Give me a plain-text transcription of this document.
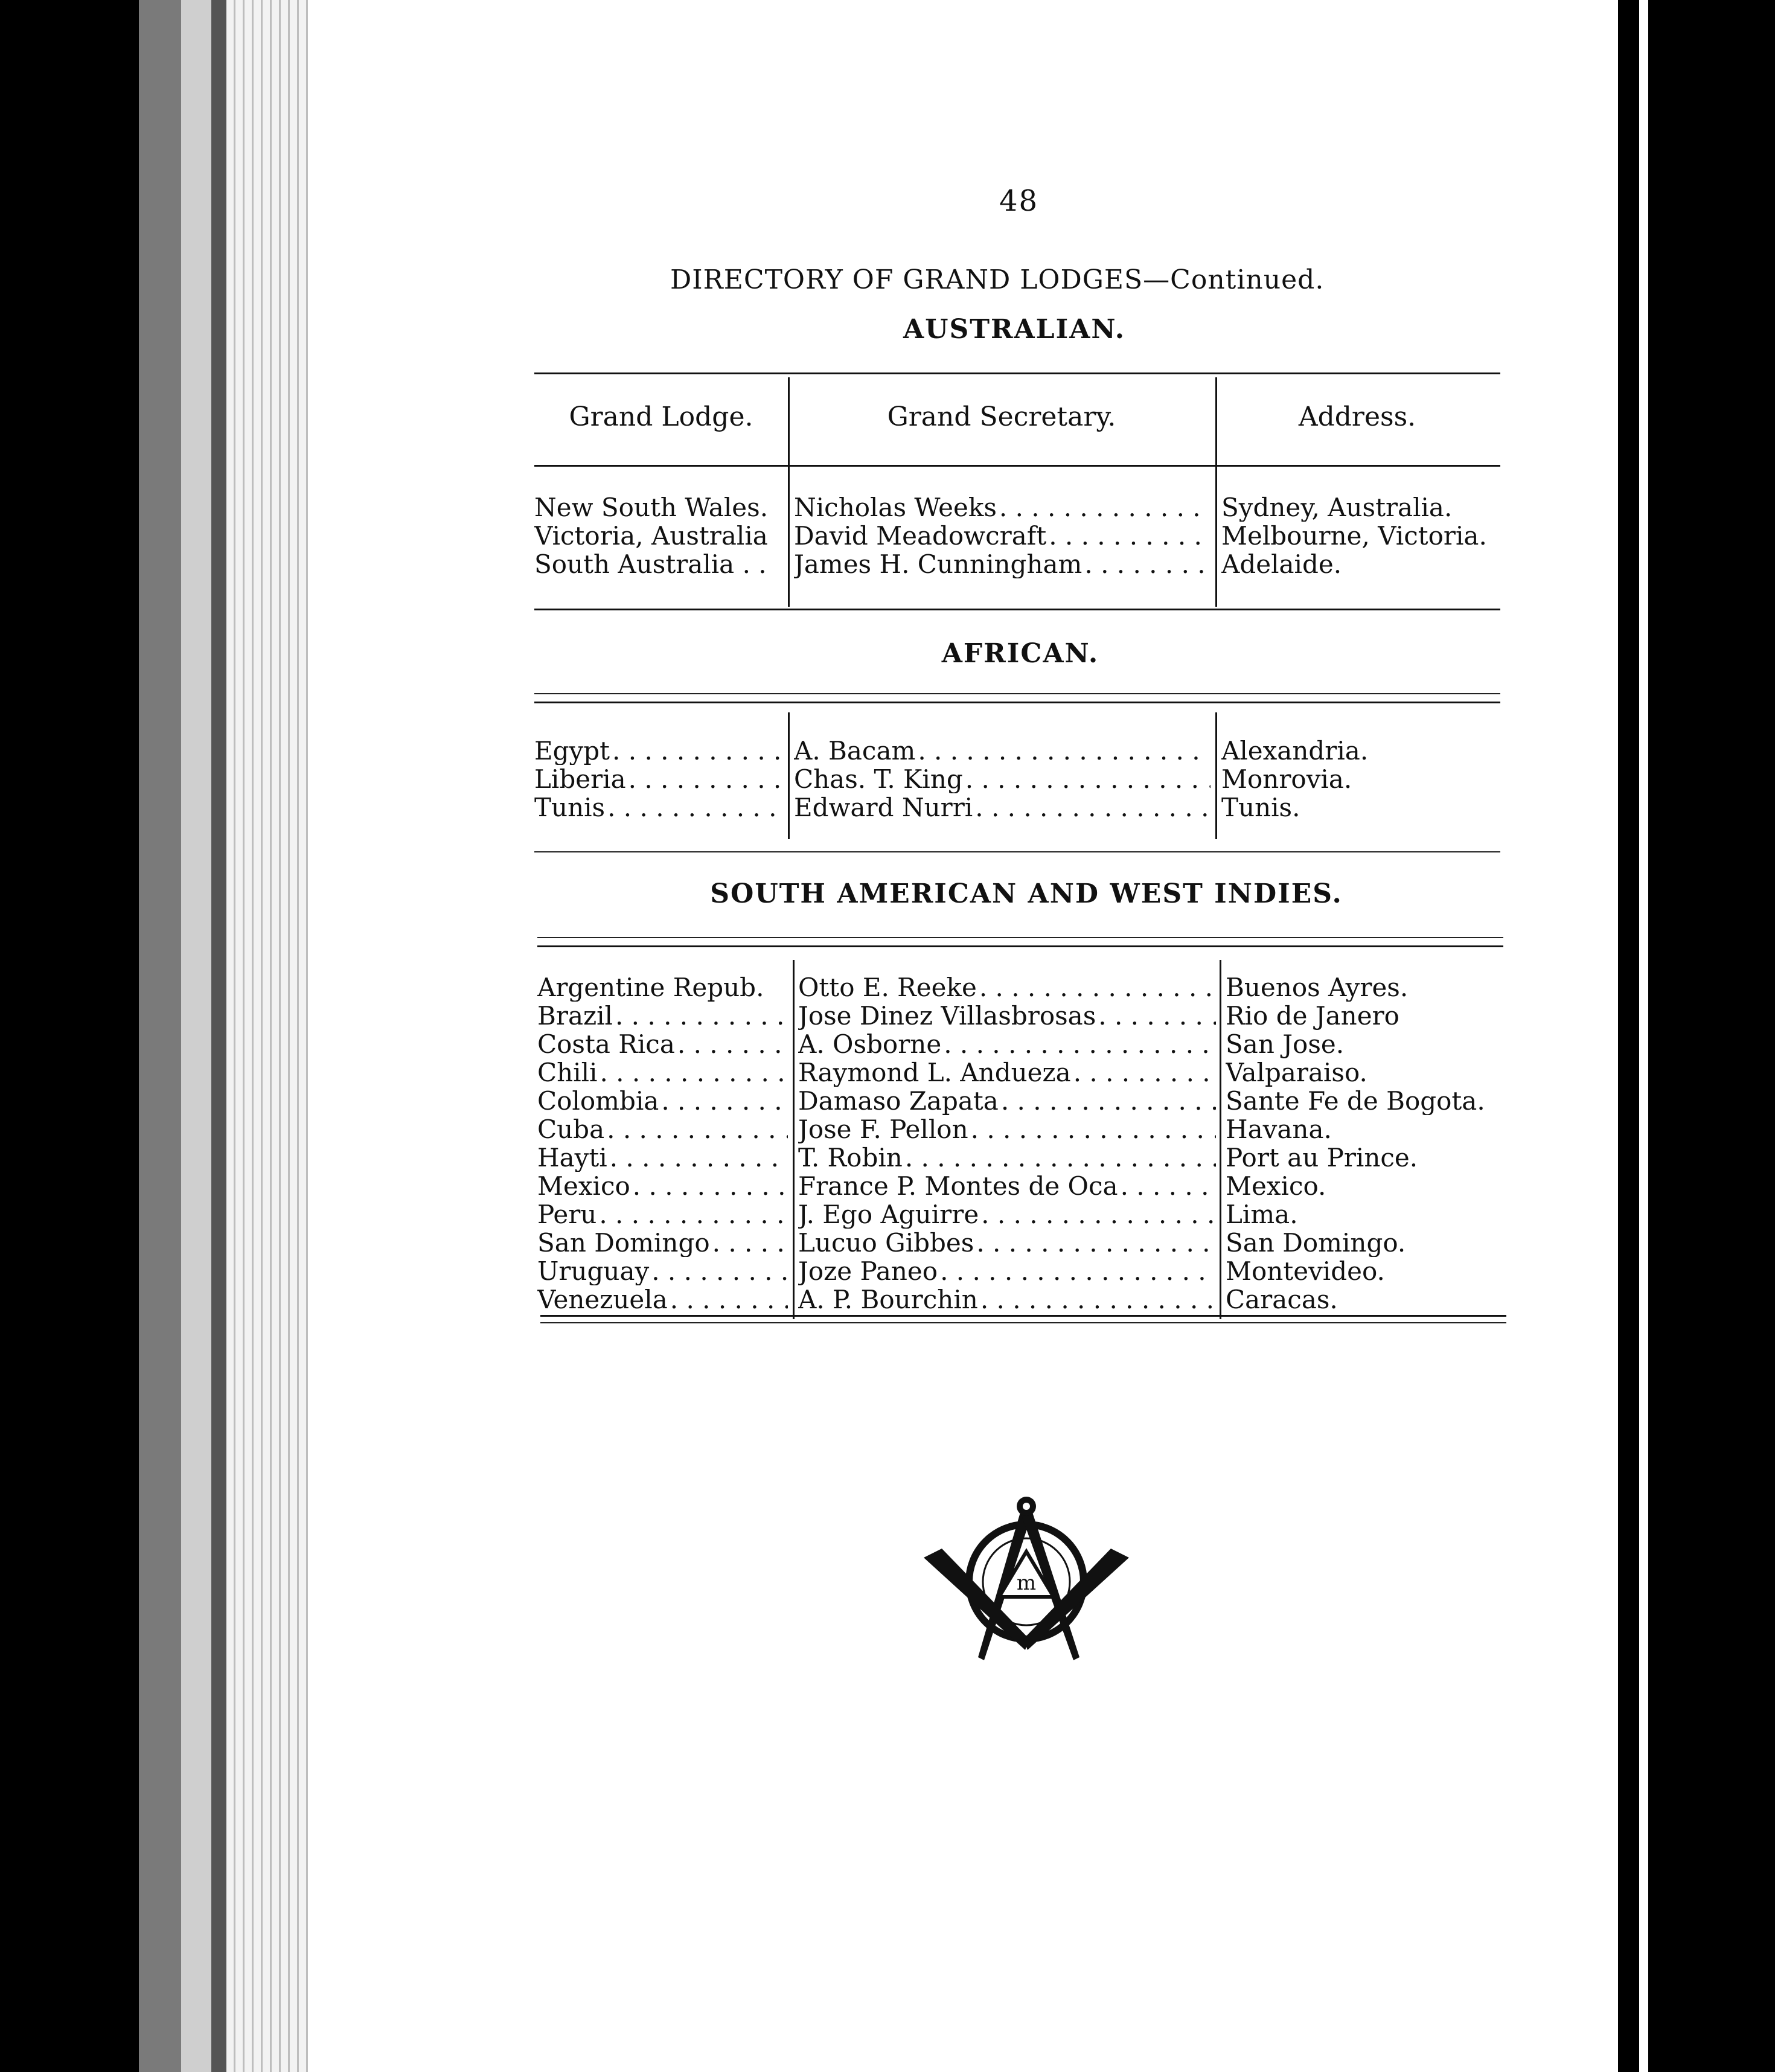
48
DIRECTORY OF GRAND LODGES—Continued.
AUSTRALIAN.
Grand Lodge.	Grand Secretary.	Address.
New South Wales.
Victoria, Australia
South Australia . .
Nicholas Weeks
. . .
David Meadowcraft
. . .
James H. Cunningham
. . .
Sydney, Australia.
Melbourne, Victoria.
Adelaide.
AFRICAN.
Egypt
. . .
Liberia
. . .
Tunis
. . .
A. Bacam
. . .
Chas. T. King
. . .
Edward Nurri
. . .
Alexandria.
Monrovia.
Tunis.
SOUTH AMERICAN AND WEST INDIES.
Argentine Repub.
Brazil
. . .
Costa Rica
. . .
Chili
. . .
Colombia
. . .
Cuba
. . .
Hayti
. . .
Mexico
. . .
Peru
. . .
San Domingo
. . .
Uruguay
. . .
Venezuela
. . .
Otto E. Reeke
. . .
Jose Dinez Villasbrosas
. . .
A. Osborne
. . .
Raymond L. Andueza
. . .
Damaso Zapata
. . .
Jose F. Pellon
. . .
T. Robin
. . .
France P. Montes de Oca
. . .
J. Ego Aguirre
. . .
Lucuo Gibbes
. . .
Joze Paneo
. . .
A. P. Bourchin
. . .
Buenos Ayres.
Rio de Janero
San Jose.
Valparaiso.
Sante Fe de Bogota.
Havana.
Port au Prince.
Mexico.
Lima.
San Domingo.
Montevideo.
Caracas.
m
